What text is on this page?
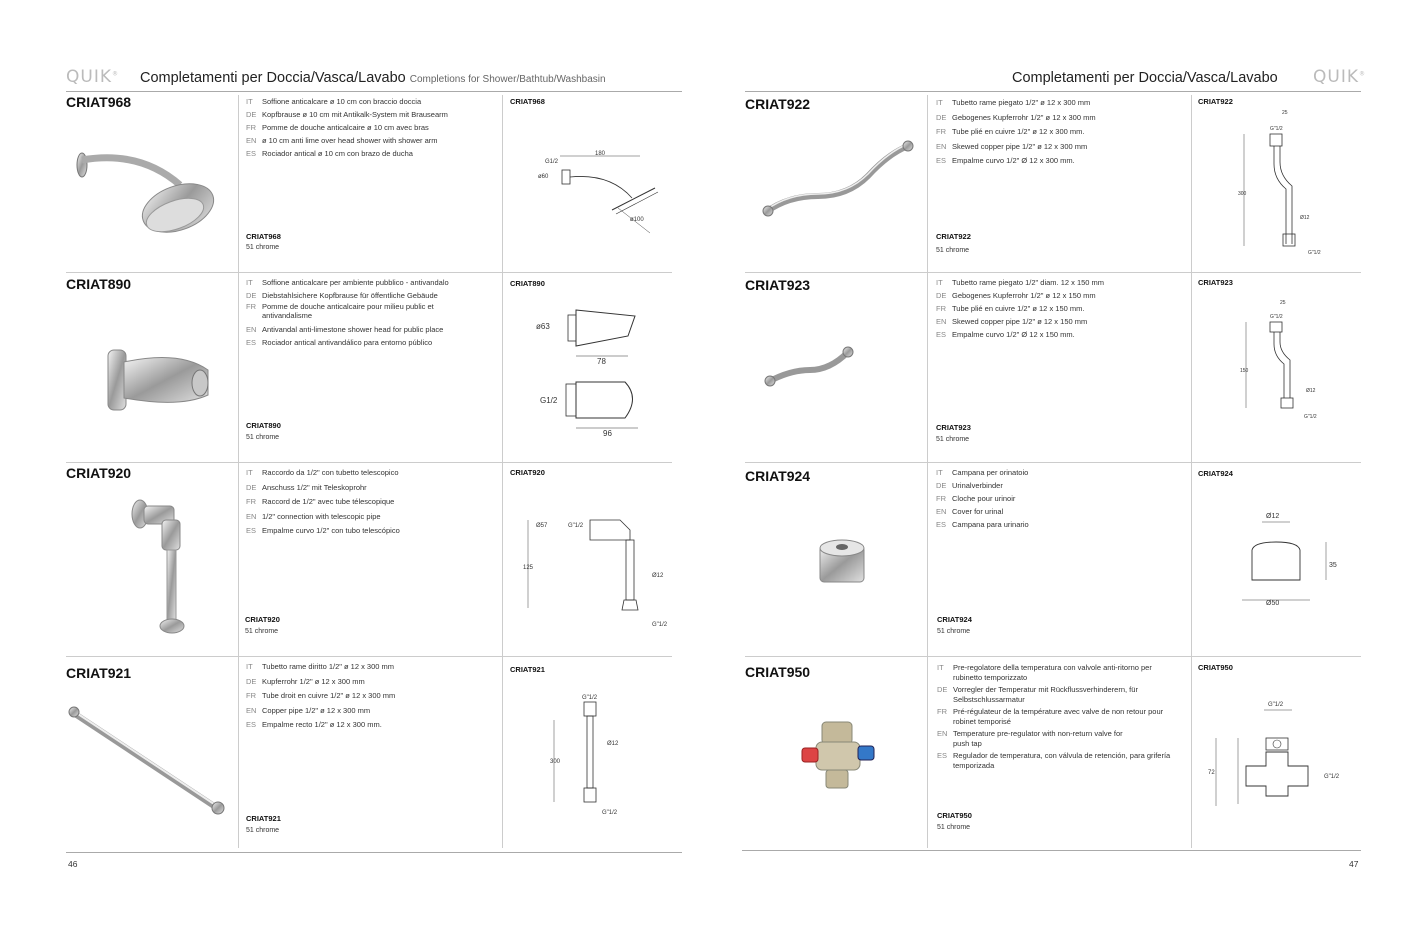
QUIK® Completamenti per Doccia/Vasca/Lavabo Completions for Shower/Bathtub/Washbasin	Completamenti per Doccia/Vasca/Lavabo QUIK®
CRIAT968	IT	Soffione anticalcare ø 10 cm con braccio doccia
DE Kopfbrause ø 10 cm mit Antikalk-System mit Brausearm
FR Pomme de douche anticalcaire ø 10 cm avec bras
EN ø 10 cm anti lime over head shower with shower arm
ES Rociador antical ø 10 cm con brazo de ducha
CRIAT968
51 chrome
CRIAT968
180
G1/2
ø60
ø100
CRIAT890	IT	Soffione anticalcare per ambiente pubblico - antivandalo
DE Diebstahlsichere Kopfbrause für öffentliche Gebäude
FR Pomme de douche anticalcaire pour milieu public et antivandalisme
EN Antivandal anti-limestone shower head for public place
ES Rociador antical antivandálico para entorno público
CRIAT890
51 chrome
CRIAT890
ø63
78
G1/2
96
CRIAT920	IT	Raccordo da 1/2" con tubetto telescopico
DE Anschuss 1/2" mit Teleskoprohr
FR Raccord de 1/2" avec tube télescopique
EN 1/2" connection with telescopic pipe
ES Empalme curvo 1/2" con tubo telescópico
CRIAT920
51 chrome
CRIAT920
Ø57	G"1/2
125
Ø12
G"1/2
CRIAT921	IT	Tubetto rame diritto 1/2" ø 12 x 300 mm
DE Kupferrohr 1/2" ø 12 x 300 mm
FR Tube droit en cuivre 1/2" ø 12 x 300 mm
EN Copper pipe 1/2" ø 12 x 300 mm
ES Empalme recto 1/2" ø 12 x 300 mm.
CRIAT921
51 chrome
CRIAT921
G"1/2
300
Ø12
G"1/2
CRIAT922	IT	Tubetto rame piegato 1/2" ø 12 x 300 mm
DE Gebogenes Kupferrohr 1/2" ø 12 x 300 mm
FR Tube plié en cuivre 1/2" ø 12 x 300 mm.
EN Skewed copper pipe 1/2" ø 12 x 300 mm
ES Empalme curvo 1/2" Ø 12 x 300 mm.
CRIAT922
51 chrome
CRIAT922
25
G"1/2
300
Ø12
G"1/2
CRIAT923	IT	Tubetto rame piegato 1/2" diam. 12 x 150 mm
DE Gebogenes Kupferrohr 1/2" ø 12 x 150 mm
FR Tube plié en cuivre 1/2" ø 12 x 150 mm.
EN Skewed copper pipe 1/2" ø 12 x 150 mm
ES Empalme curvo 1/2" Ø 12 x 150 mm.
CRIAT923
51 chrome
CRIAT923
25
G"1/2
150
Ø12
G"1/2
CRIAT924	IT	Campana per orinatoio
DE Urinalverbinder
FR Cloche pour urinoir
EN Cover for urinal
ES Campana para urinario
CRIAT924
51 chrome
CRIAT924
Ø12
35
Ø50
CRIAT950	IT	Pre-regolatore della temperatura con valvole anti-ritorno per rubinetto temporizzato
DE Vorregler der Temperatur mit Rückflussverhinderern, für Selbstschlussarmatur
FR Pré-régulateur de la température avec valve de non retour pour robinet temporisé
EN Temperature pre-regulator with non-return valve for push tap
ES Regulador de temperatura, con válvula de retención, para grifería temporizada
CRIAT950
51 chrome
CRIAT950
G"1/2
72
G"1/2
46	47
